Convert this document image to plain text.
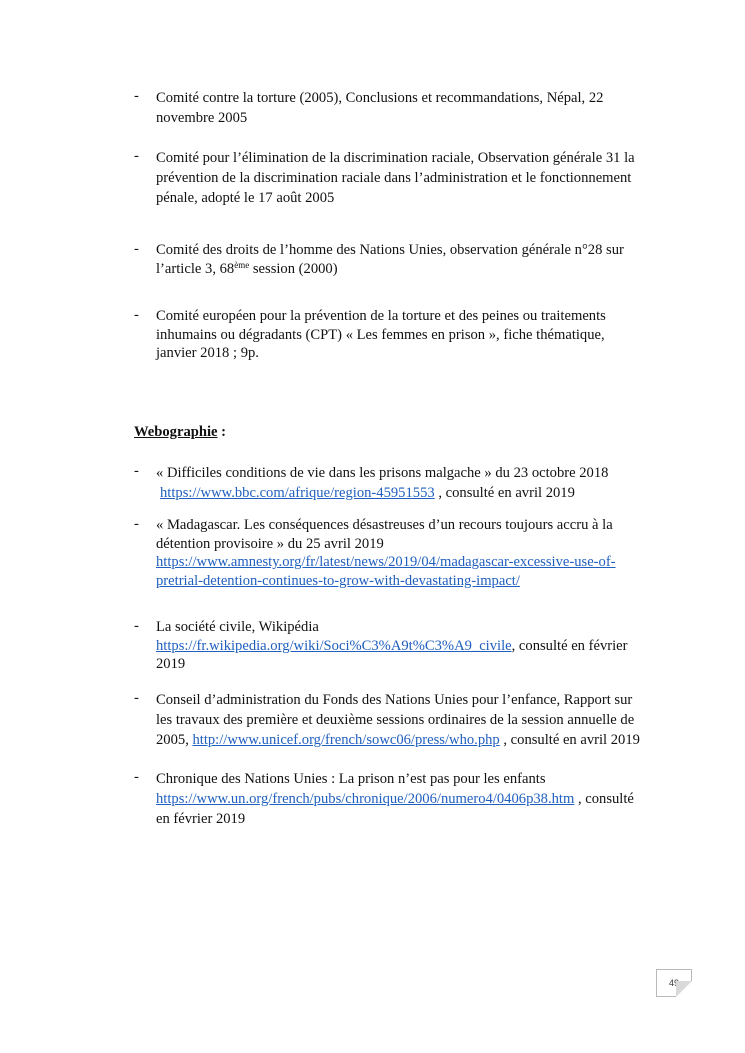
-	Comité contre la torture (2005), Conclusions et recommandations, Népal, 22
novembre 2005
-	Comité pour l’élimination de la discrimination raciale, Observation générale 31 la
prévention de la discrimination raciale dans l’administration et le fonctionnement
pénale, adopté le 17 août 2005
-	Comité des droits de l’homme des Nations Unies, observation générale n°28 sur
l’article 3, 68ème session (2000)
-	Comité européen pour la prévention de la torture et des peines ou traitements
inhumains ou dégradants (CPT) « Les femmes en prison », fiche thématique,
janvier 2018 ; 9p.
Webographie :
-	« Difficiles conditions de vie dans les prisons malgache » du 23 octobre 2018
https://www.bbc.com/afrique/region-45951553 , consulté en avril 2019
-	« Madagascar. Les conséquences désastreuses d’un recours toujours accru à la
détention provisoire » du 25 avril 2019
https://www.amnesty.org/fr/latest/news/2019/04/madagascar-excessive-use-of-
pretrial-detention-continues-to-grow-with-devastating-impact/
-	La société civile, Wikipédia
https://fr.wikipedia.org/wiki/Soci%C3%A9t%C3%A9_civile, consulté en février
2019
-	Conseil d’administration du Fonds des Nations Unies pour l’enfance, Rapport sur
les travaux des première et deuxième sessions ordinaires de la session annuelle de
2005, http://www.unicef.org/french/sowc06/press/who.php , consulté en avril 2019
-	Chronique des Nations Unies : La prison n’est pas pour les enfants
https://www.un.org/french/pubs/chronique/2006/numero4/0406p38.htm , consulté
en février 2019
49
